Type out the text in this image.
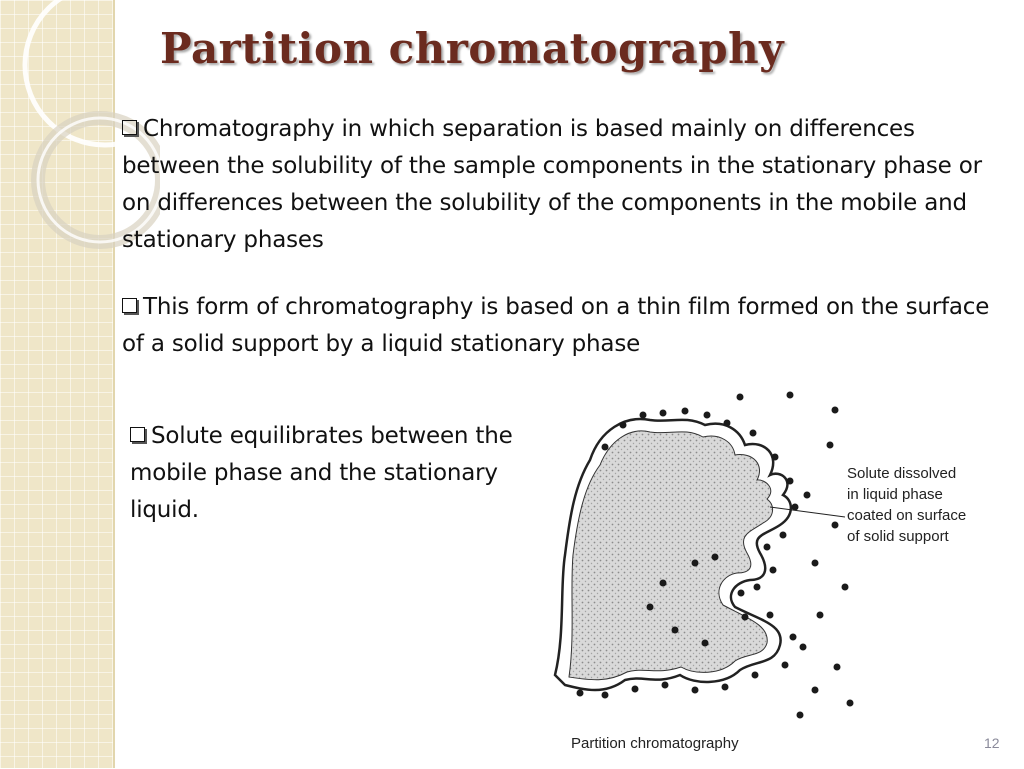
Partition chromatography

Chromatography in which separation is based mainly on differences between the solubility of the sample components in the stationary phase or on differences between the solubility of the components in the mobile and stationary phases

This form of chromatography is based on a thin film formed on the surface of a solid support by a liquid stationary phase

Solute equilibrates between the mobile phase and the stationary liquid.

Solute dissolved
in liquid phase
coated on surface
of solid support
Partition chromatography	12
